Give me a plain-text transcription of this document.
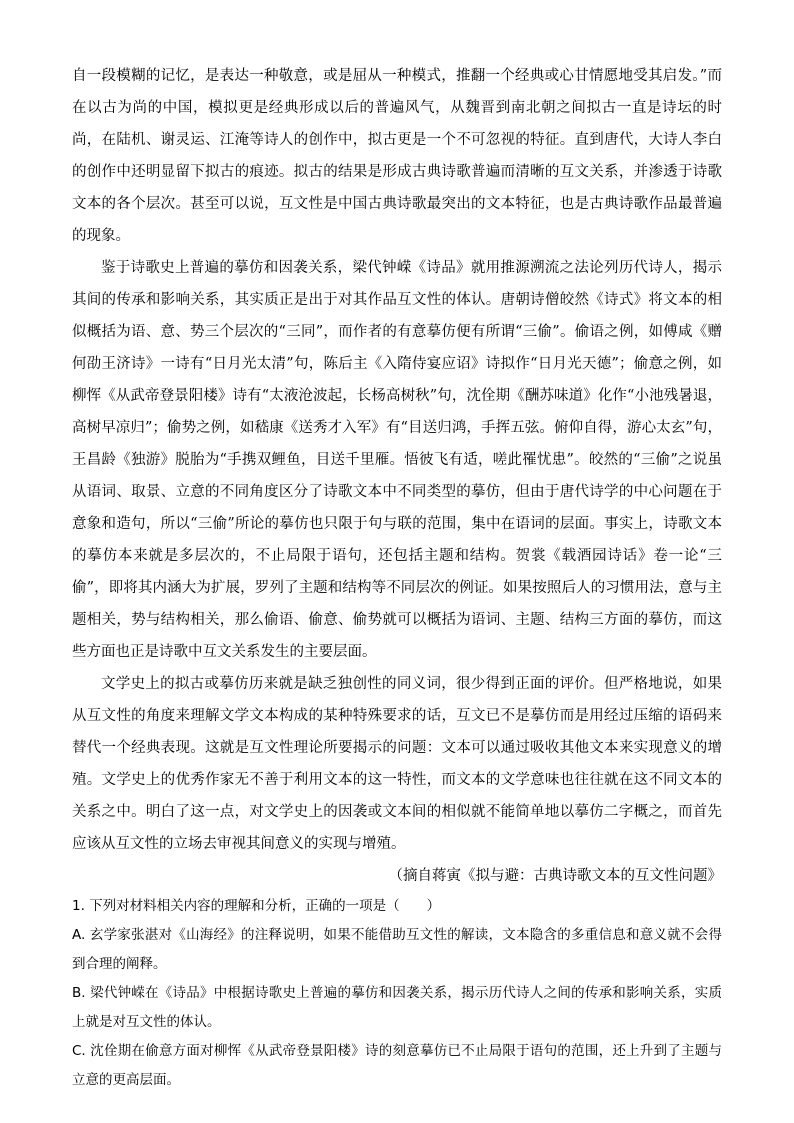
自一段模糊的记忆，是表达一种敬意，或是屈从一种模式，推翻一个经典或心甘情愿地受其启发。”而在以古为尚的中国，模拟更是经典形成以后的普遍风气，从魏晋到南北朝之间拟古一直是诗坛的时尚，在陆机、谢灵运、江淹等诗人的创作中，拟古更是一个不可忽视的特征。直到唐代，大诗人李白的创作中还明显留下拟古的痕迹。拟古的结果是形成古典诗歌普遍而清晰的互文关系，并渗透于诗歌文本的各个层次。甚至可以说，互文性是中国古典诗歌最突出的文本特征，也是古典诗歌作品最普遍的现象。

鉴于诗歌史上普遍的摹仿和因袭关系，梁代钟嵘《诗品》就用推源溯流之法论列历代诗人，揭示其间的传承和影响关系，其实质正是出于对其作品互文性的体认。唐朝诗僧皎然《诗式》将文本的相似概括为语、意、势三个层次的“三同”，而作者的有意摹仿便有所谓“三偷”。偷语之例，如傅咸《赠何劭王济诗》一诗有“日月光太清”句，陈后主《入隋侍宴应诏》诗拟作“日月光天德”；偷意之例，如柳恽《从武帝登景阳楼》诗有“太液沧波起，长杨高树秋”句，沈佺期《酬苏味道》化作“小池残暑退，高树早凉归”；偷势之例，如嵇康《送秀才入军》有“目送归鸿，手挥五弦。俯仰自得，游心太玄”句，王昌龄《独游》脱胎为“手携双鲤鱼，目送千里雁。悟彼飞有适，嗟此罹忧患”。皎然的“三偷”之说虽从语词、取景、立意的不同角度区分了诗歌文本中不同类型的摹仿，但由于唐代诗学的中心问题在于意象和造句，所以“三偷”所论的摹仿也只限于句与联的范围，集中在语词的层面。事实上，诗歌文本的摹仿本来就是多层次的，不止局限于语句，还包括主题和结构。贺裳《载酒园诗话》卷一论“三偷”，即将其内涵大为扩展，罗列了主题和结构等不同层次的例证。如果按照后人的习惯用法，意与主题相关，势与结构相关，那么偷语、偷意、偷势就可以概括为语词、主题、结构三方面的摹仿，而这些方面也正是诗歌中互文关系发生的主要层面。

文学史上的拟古或摹仿历来就是缺乏独创性的同义词，很少得到正面的评价。但严格地说，如果从互文性的角度来理解文学文本构成的某种特殊要求的话，互文已不是摹仿而是用经过压缩的语码来替代一个经典表现。这就是互文性理论所要揭示的问题：文本可以通过吸收其他文本来实现意义的增殖。文学史上的优秀作家无不善于利用文本的这一特性，而文本的文学意味也往往就在这不同文本的关系之中。明白了这一点，对文学史上的因袭或文本间的相似就不能简单地以摹仿二字概之，而首先应该从互文性的立场去审视其间意义的实现与增殖。

（摘自蒋寅《拟与避：古典诗歌文本的互文性问题》

1. 下列对材料相关内容的理解和分析，正确的一项是（　　）

A. 玄学家张湛对《山海经》的注释说明，如果不能借助互文性的解读，文本隐含的多重信息和意义就不会得到合理的阐释。

B. 梁代钟嵘在《诗品》中根据诗歌史上普遍的摹仿和因袭关系，揭示历代诗人之间的传承和影响关系，实质上就是对互文性的体认。

C. 沈佺期在偷意方面对柳恽《从武帝登景阳楼》诗的刻意摹仿已不止局限于语句的范围，还上升到了主题与立意的更高层面。
